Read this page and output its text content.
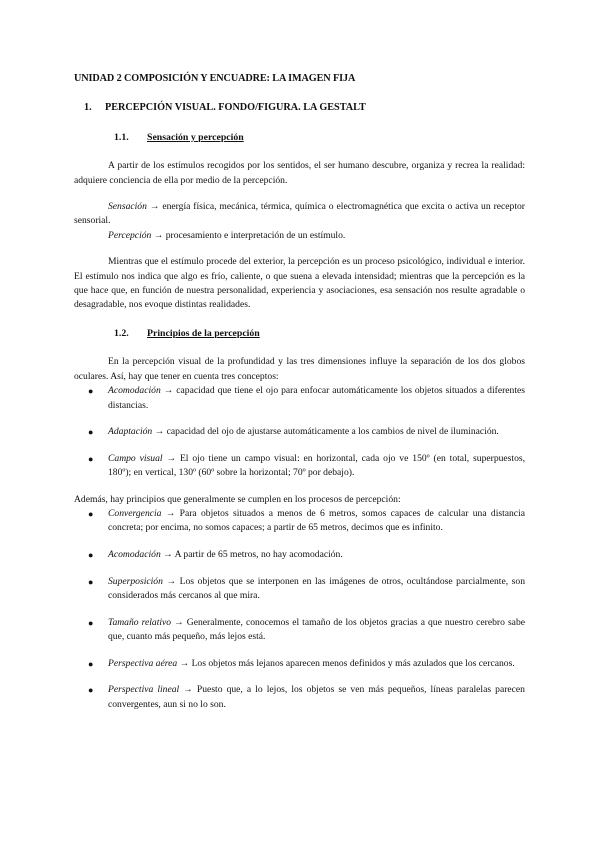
UNIDAD 2 COMPOSICIÓN Y ENCUADRE: LA IMAGEN FIJA
1.	PERCEPCIÓN VISUAL. FONDO/FIGURA. LA GESTALT
1.1.	Sensación y percepción

A partir de los estímulos recogidos por los sentidos, el ser humano descubre, organiza y recrea la realidad: adquiere conciencia de ella por medio de la percepción.

Sensación → energía física, mecánica, térmica, química o electromagnética que excita o activa un receptor sensorial.

Percepción → procesamiento e interpretación de un estímulo.

Mientras que el estímulo procede del exterior, la percepción es un proceso psicológico, individual e interior. El estímulo nos indica que algo es frío, caliente, o que suena a elevada intensidad; mientras que la percepción es la que hace que, en función de nuestra personalidad, experiencia y asociaciones, esa sensación nos resulte agradable o desagradable, nos evoque distintas realidades.

1.2.	Principios de la percepción

En la percepción visual de la profundidad y las tres dimensiones influye la separación de los dos globos oculares. Así, hay que tener en cuenta tres conceptos:

● Acomodación → capacidad que tiene el ojo para enfocar automáticamente los objetos situados a diferentes distancias.
● Adaptación → capacidad del ojo de ajustarse automáticamente a los cambios de nivel de iluminación.
● Campo visual → El ojo tiene un campo visual: en horizontal, cada ojo ve 150º (en total, superpuestos, 180º); en vertical, 130º (60º sobre la horizontal; 70º por debajo).

Además, hay principios que generalmente se cumplen en los procesos de percepción:

● Convergencia → Para objetos situados a menos de 6 metros, somos capaces de calcular una distancia concreta; por encima, no somos capaces; a partir de 65 metros, decimos que es infinito.
● Acomodación → A partir de 65 metros, no hay acomodación.
● Superposición → Los objetos que se interponen en las imágenes de otros, ocultándose parcialmente, son considerados más cercanos al que mira.
● Tamaño relativo → Generalmente, conocemos el tamaño de los objetos gracias a que nuestro cerebro sabe que, cuanto más pequeño, más lejos está.
● Perspectiva aérea → Los objetos más lejanos aparecen menos definidos y más azulados que los cercanos.
● Perspectiva lineal → Puesto que, a lo lejos, los objetos se ven más pequeños, líneas paralelas parecen convergentes, aun si no lo son.
